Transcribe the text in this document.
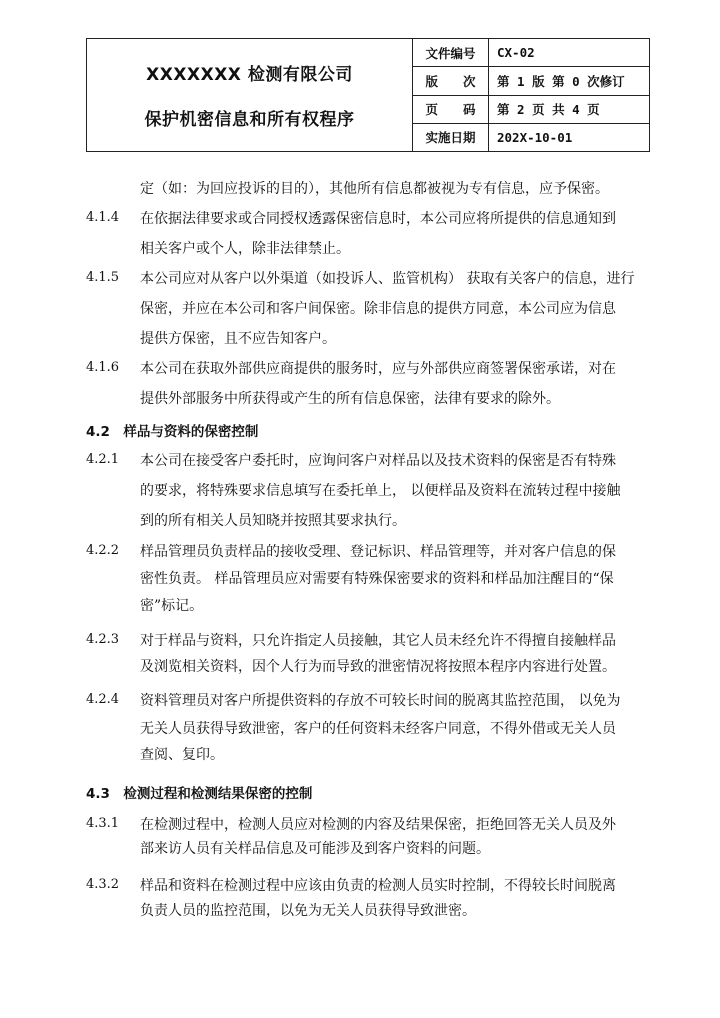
XXXXXXX 检测有限公司
保护机密信息和所有权程序
文件编号	CX-02
版　　次	第 1 版 第 0 次修订
页　　码	第 2 页 共 4 页
实施日期	202X-10-01
定（如：为回应投诉的目的），其他所有信息都被视为专有信息，应予保密。
4.1.4 在依据法律要求或合同授权透露保密信息时，本公司应将所提供的信息通知到
相关客户或个人，除非法律禁止。
4.1.5 本公司应对从客户以外渠道（如投诉人、监管机构） 获取有关客户的信息，进行
保密，并应在本公司和客户间保密。除非信息的提供方同意，本公司应为信息
提供方保密，且不应告知客户。
4.1.6 本公司在获取外部供应商提供的服务时，应与外部供应商签署保密承诺，对在
提供外部服务中所获得或产生的所有信息保密，法律有要求的除外。
4.2　样品与资料的保密控制
4.2.1 本公司在接受客户委托时，应询问客户对样品以及技术资料的保密是否有特殊
的要求，将特殊要求信息填写在委托单上， 以便样品及资料在流转过程中接触
到的所有相关人员知晓并按照其要求执行。
4.2.2 样品管理员负责样品的接收受理、登记标识、样品管理等，并对客户信息的保
密性负责。 样品管理员应对需要有特殊保密要求的资料和样品加注醒目的“保
密”标记。
4.2.3 对于样品与资料，只允许指定人员接触，其它人员未经允许不得擅自接触样品
及浏览相关资料，因个人行为而导致的泄密情况将按照本程序内容进行处置。
4.2.4 资料管理员对客户所提供资料的存放不可较长时间的脱离其监控范围， 以免为
无关人员获得导致泄密，客户的任何资料未经客户同意，不得外借或无关人员
查阅、复印。
4.3　检测过程和检测结果保密的控制
4.3.1 在检测过程中，检测人员应对检测的内容及结果保密，拒绝回答无关人员及外
部来访人员有关样品信息及可能涉及到客户资料的问题。
4.3.2 样品和资料在检测过程中应该由负责的检测人员实时控制，不得较长时间脱离
负责人员的监控范围，以免为无关人员获得导致泄密。
